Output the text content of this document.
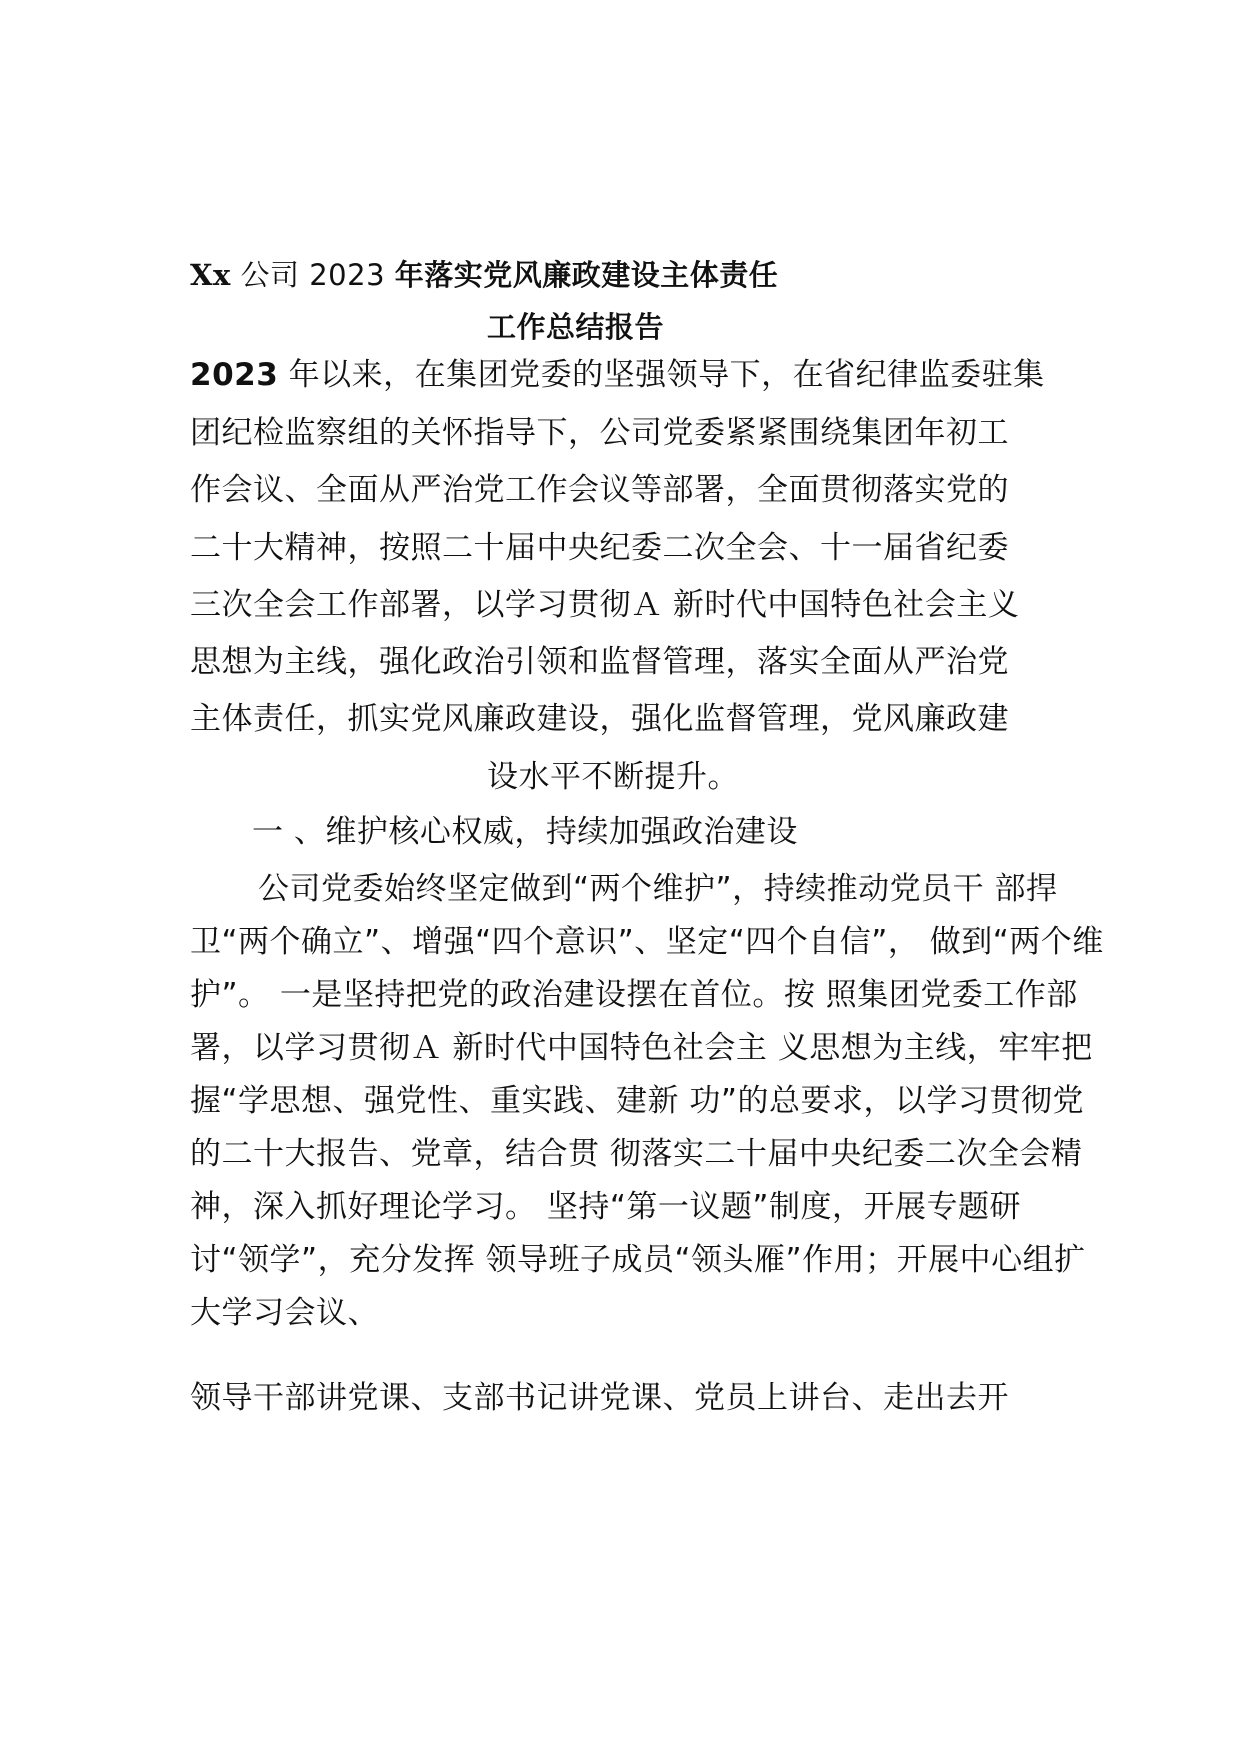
Xx 公司 2023 年落实党风廉政建设主体责任
工作总结报告
2023 年以来，在集团党委的坚强领导下，在省纪律监委驻集
团纪检监察组的关怀指导下，公司党委紧紧围绕集团年初工
作会议、全面从严治党工作会议等部署，全面贯彻落实党的
二十大精神，按照二十届中央纪委二次全会、十一届省纪委
三次全会工作部署，以学习贯彻Ａ 新时代中国特色社会主义
思想为主线，强化政治引领和监督管理，落实全面从严治党
主体责任，抓实党风廉政建设，强化监督管理，党风廉政建
设水平不断提升。
一 、维护核心权威，持续加强政治建设
公司党委始终坚定做到“两个维护”，持续推动党员干 部捍
卫“两个确立”、增强“四个意识”、坚定“四个自信”， 做到“两个维
护”。 一是坚持把党的政治建设摆在首位。按 照集团党委工作部
署，以学习贯彻Ａ 新时代中国特色社会主 义思想为主线，牢牢把
握“学思想、强党性、重实践、建新 功”的总要求，以学习贯彻党
的二十大报告、党章，结合贯 彻落实二十届中央纪委二次全会精
神，深入抓好理论学习。 坚持“第一议题”制度，开展专题研
讨“领学”，充分发挥 领导班子成员“领头雁”作用；开展中心组扩
大学习会议、
领导干部讲党课、支部书记讲党课、党员上讲台、走出去开
